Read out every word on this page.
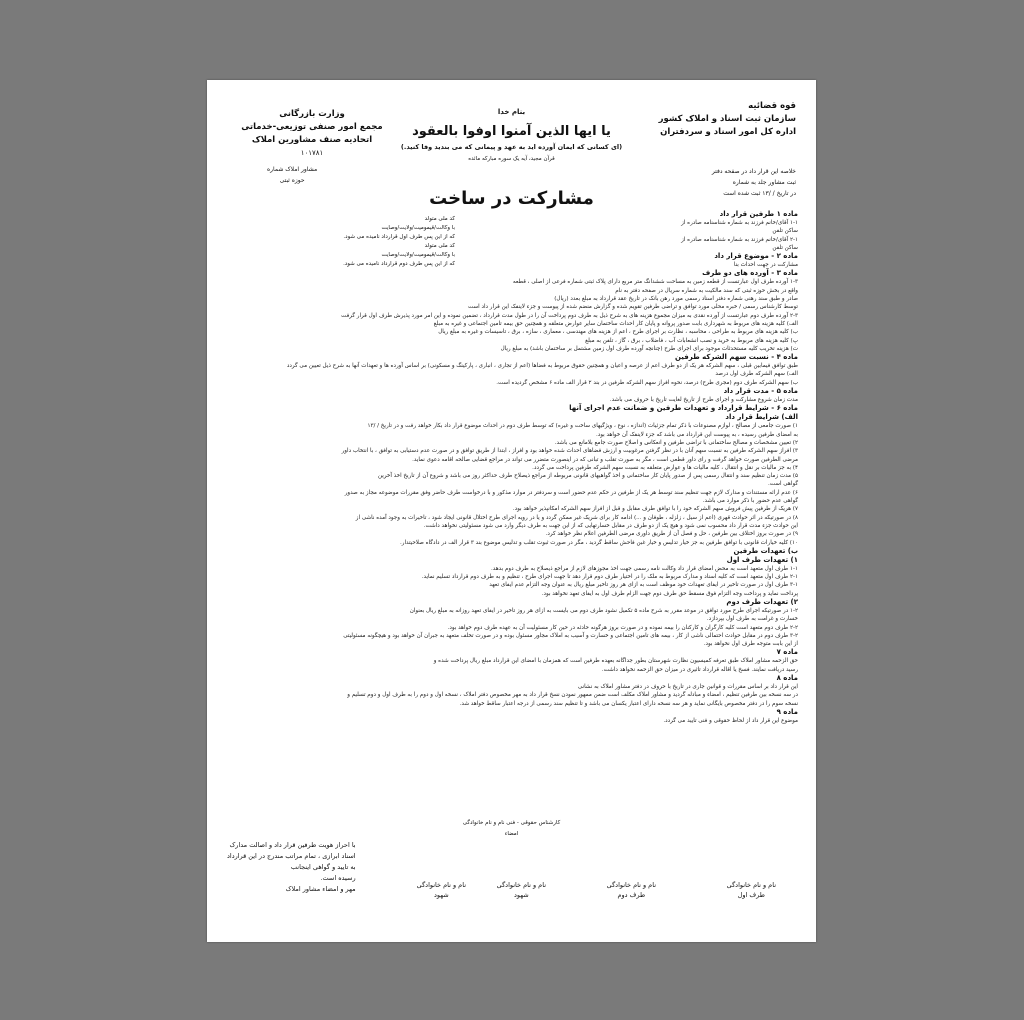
قوه قضائیه
سازمان ثبت اسناد و املاک کشور
اداره کل امور اسناد و سردفتران
بنام خدا
یا ایها الذین آمنوا اوفوا بالعقود
(ای کسانی که ایمان آورده اید به عهد و پیمانی که می بندید وفا کنید.)
قرآن مجید، آیه یک سوره مبارکه مائده
وزارت بازرگانی
مجمع امور صنفی توزیعی-خدماتی
اتحادیه صنف مشاورین املاک
۱۰۱۷۸۱
خلاصه این قرار داد در صفحه دفتر
ثبت مشاور جلد به شماره
در تاریخ / /۱۳ ثبت شده است
مشاور املاک شماره
حوزه ثبتی
مشارکت در ساخت
کد ملی متولد
با وکالت/قیمومیت/ولایت/وصایت
که از این پس طرف اول قرارداد نامیده می شود.
کد ملی متولد
با وکالت/قیمومیت/ولایت/وصایت
که از این پس طرف دوم قرارداد نامیده می شود.

ماده ۱ طرفین قرار داد

۱-۱ آقای/خانم فرزند به شماره شناسنامه صادره از

ساکن تلفن

۲-۱ آقای/خانم فرزند به شماره شناسنامه صادره از

ساکن تلفن

ماده ۲ - موضوع قرار داد

مشارکت در جهت احداث بنا

ماده ۳ - آورده های دو طرف

۱-۳ آورده طرف اول عبارتست از قطعه زمین به مساحت ششدانگ متر مربع دارای پلاک ثبتی شماره فرعی از اصلی ، قطعه

واقع در بخش حوزه ثبتی که سند مالکیت به شماره سریال در صفحه دفتر به نام

صادر و طبق سند رهنی شماره دفتر اسناد رسمی مورد رهن بانک در تاریخ عقد قرارداد به مبلغ بعدد (ریال)

توسط کارشناس رسمی / خبره محلی مورد توافق و تراضی طرفین تقویم شده و گزارش منضم شده از پیوست و جزء لاینفک این قرار داد است

۲-۳ آورده طرف دوم عبارتست از آورده نقدی به میزان مجموع هزینه های به شرح ذیل به طرف دوم پرداخت آن را در طول مدت قرارداد ، تضمین نموده و این امر مورد پذیرش طرف اول قرار گرفت

الف) کلیه هزینه های مربوط به شهرداری بابت صدور پروانه و پایان کار احداث ساختمان سایر عوارض متعلقه و همچنین حق بیمه تامین اجتماعی و غیره به مبلغ

ب) کلیه هزینه های مربوط به طراحی ، محاسبه ، نظارت بر اجرای طرح ، اعم از هزینه های مهندسی ، معماری ، سازه ، برق ، تاسیسات و غیره به مبلغ ریال

پ) کلیه هزینه های مربوط به خرید و نصب انشعابات آب ، فاضلاب ، برق ، گاز ، تلفن به مبلغ

ت) هزینه تخریب کلیه مستحدثات موجود برای اجرای طرح (چنانچه آورده طرف اول زمین مشتمل بر ساختمان باشد) به مبلغ ریال

ماده ۴ - نسبت سهم الشرکه طرفین

طبق توافق فیمابین قبلی ، سهم الشرکه هر یک از دو طرف اعم از عرصه و اعیان و همچنین حقوق مربوط به فضاها (اعم از تجاری ، انباری ، پارکینگ و مسکونی) بر اساس آورده ها و تعهدات آنها به شرح ذیل تعیین می گردد

الف) سهم الشرکه طرف اول درصد

ب) سهم الشرکه طرف دوم (مجری طرح) درصد، نحوه افراز سهم الشرکه طرفین در بند ۲ قرار الف ماده ۶ مشخص گردیده است.

ماده ۵ - مدت قرار داد

مدت زمان شروع مشارکت و اجرای طرح از تاریخ لغایت تاریخ با حروف می باشد.

ماده ۶ - شرایط قرارداد و تعهدات طرفین و ضمانت عدم اجرای آنها

الف) شرایط قرار داد

۱) صورت جامعی از مصالح ، لوازم مصنوعات با ذکر تمام جزئیات (اندازه ، نوع ، ویژگیهای ساخت و غیره) که توسط طرف دوم در احداث موضوع قرار داد بکار خواهد رفت و در تاریخ / /۱۳

به امضای طرفین رسیده ، به پیوست این قرارداد می باشد که جزء لاینفک آن خواهد بود.

۲) تعیین مشخصات و مصالح ساختمانی با تراضی طرفین و انعکاس و اصلاح صورت جامع بلامانع می باشد.

۳) افراز سهم الشرکه طرفین به نسبت سهم آنان با در نظر گرفتن مرغوبیت و ارزش فضاهای احداث شده خواهد بود و افراز ، ابتدا از طریق توافق و در صورت عدم دستیابی به توافق ، با انتخاب داور

مرضی الطرفین صورت خواهد گرفت و رای داور قطعی است ، مگر به صورت تقلب و تبانی که در اینصورت متضرر می تواند در مراجع قضایی صالحه اقامه دعوی نماید.

۴) به جز مالیات بر نقل و انتقال ، کلیه مالیات ها و عوارض متعلقه به نسبت سهم الشرکه طرفین پرداخت می گردد.

۵) مدت زمان تنظیم سند و انتقال رسمی پس از صدور پایان کار ساختمانی و اخذ گواهیهای قانونی مربوطه از مراجع ذیصلاح طرف حداکثر روز می باشد و شروع آن از تاریخ اخذ آخرین

گواهی است.

۶) عدم ارائه مستندات و مدارک لازم جهت تنظیم سند توسط هر یک از طرفین در حکم عدم حضور است و سردفتر در موارد مذکور و با درخواست طرف حاضر وفق مقررات موضوعه مجاز به صدور

گواهی عدم حضور با ذکر موارد می باشد.

۷) هریک از طرفین پیش فروش سهم الشرکه خود را با توافق طرف مقابل و قبل از افراز سهم الشرکه امکانپذیر خواهد بود.

۸) در صورتیکه در اثر حوادث قهری (اعم از سیل ، زلزله ، طوفان و ...) ادامه کار برای شریک غیر ممکن گردد و یا در رویه اجرای طرح اختلال قانونی ایجاد شود ، تاخیرات به وجود آمده ناشی از

این حوادث جزء مدت قرار داد محسوب نمی شود و هیچ یک از دو طرف در مقابل خسارتهایی که از این جهت به طرف دیگر وارد می شود مسئولیتی نخواهد داشت.

۹) در صورت بروز اختلاف بین طرفین ، حل و فصل آن از طریق داوری مرضی الطرفین اعلام نظر خواهد کرد.

۱۰) کلیه خیارات قانونی با توافق طرفین به جز خیار تدلیس و خیار غبن فاحش ساقط گردید ، مگر در صورت ثبوت تقلب و تدلیس موضوع بند ۳ قرار الف در دادگاه صلاحیتدار.

ب) تعهدات طرفین

۱) تعهدات طرف اول

۱-۱ طرف اول متعهد است به محض امضای قرار داد وکالت نامه رسمی جهت اخذ مجوزهای لازم از مراجع ذیصلاح به طرف دوم بدهد.

۲-۱ طرف اول متعهد است که کلیه اسناد و مدارک مربوط به ملک را در اختیار طرف دوم قرار دهد تا جهت اجرای طرح ، تنظیم و به طرف دوم قرارداد تسلیم نماید.

۳-۱ طرف اول در صورت تاخیر در ایفای تعهدات خود موظف است به ازای هر روز تاخیر مبلغ ریال به عنوان وجه التزام عدم ایفای تعهد

پرداخت نماید و پرداخت وجه التزام فوق مسقط حق طرف دوم جهت الزام طرف اول به ایفای تعهد نخواهد بود.

۲) تعهدات طرف دوم

۱-۲ در صورتیکه اجرای طرح مورد توافق در موعد مقرر به شرح ماده ۵ تکمیل نشود طرف دوم می بایست به ازای هر روز تاخیر در ایفای تعهد روزانه به مبلغ ریال بعنوان

خسارت و غرامت به طرف اول بپردازد.

۲-۲ طرف دوم متعهد است کلیه کارگران و کارکنان را بیمه نموده و در صورت بروز هرگونه حادثه در حین کار مسئولیت آن به عهده طرف دوم خواهد بود.

۳-۲ طرف دوم در مقابل حوادث احتمالی ناشی از کار ، بیمه های تامین اجتماعی و خسارت و آسیب به املاک مجاور مسئول بوده و در صورت تخلف متعهد به جبران آن خواهد بود و هیچگونه مسئولیتی

از این بابت متوجه طرف اول نخواهد بود.

ماده ۷

حق الزحمه مشاور املاک طبق تعرفه کمیسیون نظارت شهرستان بطور جداگانه بعهده طرفین است که همزمان با امضای این قرارداد مبلغ ریال پرداخت شده و

رسید دریافت نمایند. فسخ یا اقاله قرارداد تاثیری در میزان حق الزحمه نخواهد داشت.

ماده ۸

این قرار داد بر اساس مقررات و قوانین جاری در تاریخ با حروف در دفتر مشاور املاک به نشانی

در سه نسخه بین طرفین تنظیم ، امضاء و مبادله گردید و مشاور املاک مکلف است ضمن ممهور نمودن نسخ قرار داد به مهر مخصوص دفتر املاک ، نسخه اول و دوم را به طرف اول و دوم تسلیم و

نسخه سوم را در دفتر مخصوص بایگانی نماید و هر سه نسخه دارای اعتبار یکسان می باشد و تا تنظیم سند رسمی از درجه اعتبار ساقط خواهد شد.

ماده ۹

موضوع این قرار داد از لحاظ حقوقی و فنی تایید می گردد.

کارشناس حقوقی - فنی نام و نام خانوادگی
امضاء
نام و نام خانوادگی
طرف اول
نام و نام خانوادگی
طرف دوم
نام و نام خانوادگی
شهود
نام و نام خانوادگی
شهود
با احراز هویت طرفین قرار داد و اصالت مدارک
اسناد ابرازی ، تمام مراتب مندرج در این قرارداد
به تایید و گواهی اینجانب
رسیده است.
مهر و امضاء مشاور املاک
